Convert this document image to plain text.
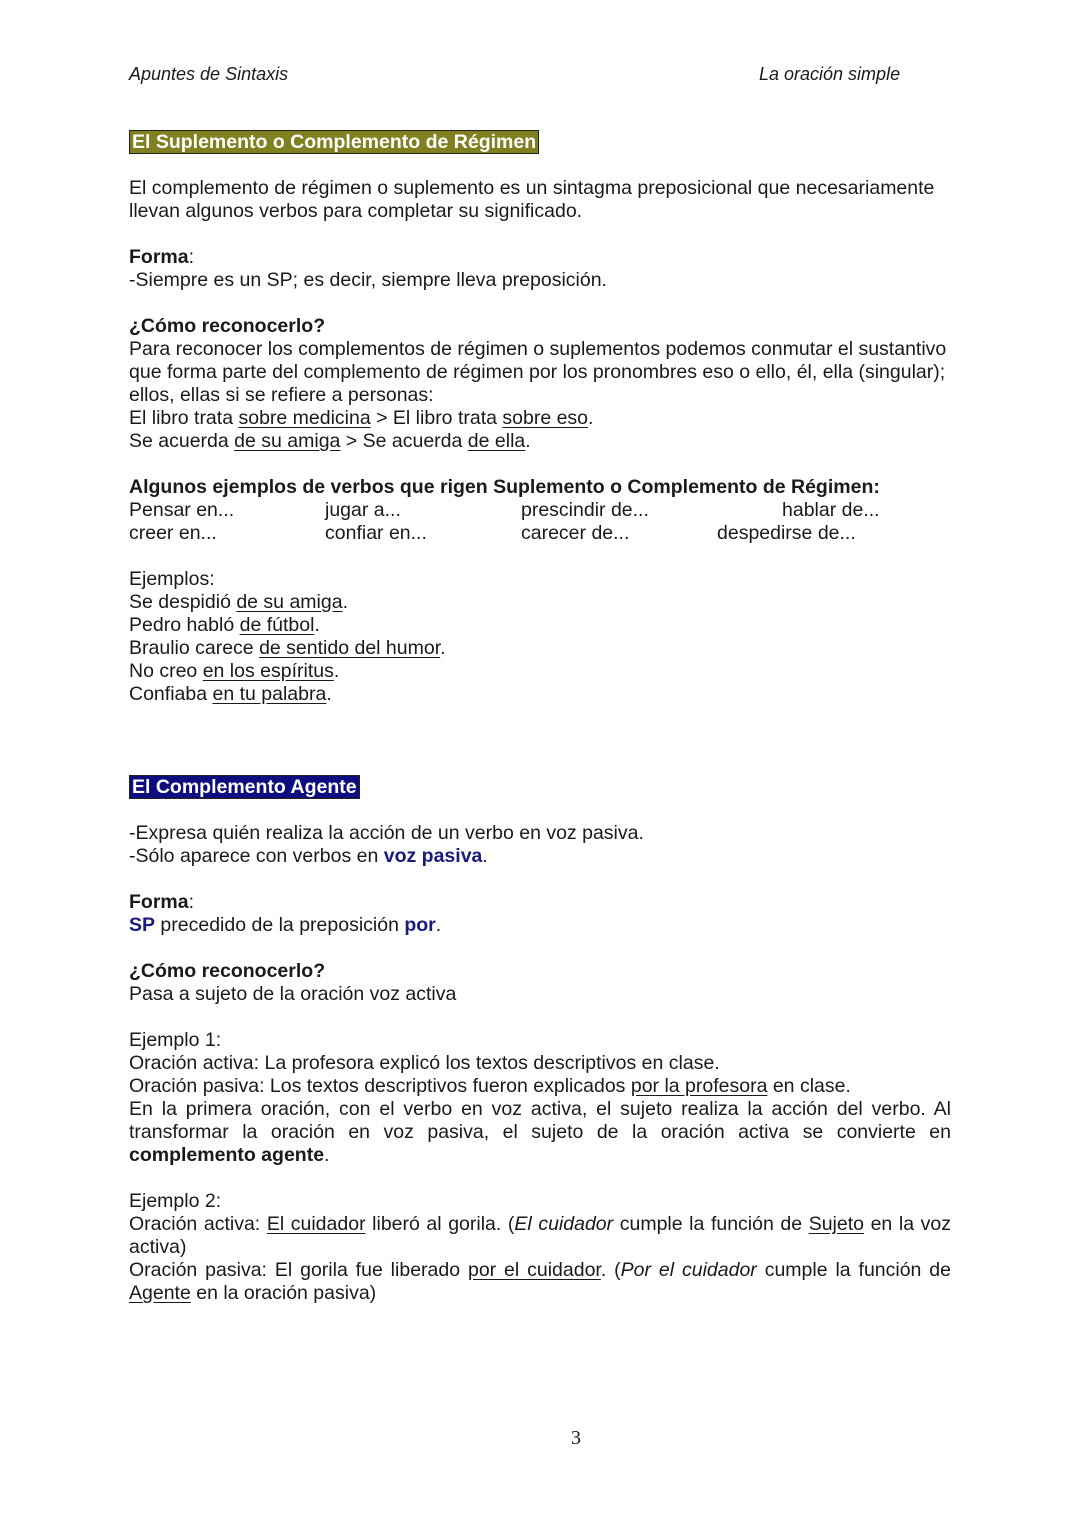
Apuntes de Sintaxis	La oración simple
El Suplemento o Complemento de Régimen

El complemento de régimen o suplemento es un sintagma preposicional que necesariamente llevan algunos verbos para completar su significado.

Forma:

-Siempre es un SP; es decir, siempre lleva preposición.

¿Cómo reconocerlo?

Para reconocer los complementos de régimen o suplementos podemos conmutar el sustantivo que forma parte del complemento de régimen por los pronombres eso o ello, él, ella (singular); ellos, ellas si se refiere a personas:

El libro trata sobre medicina > El libro trata sobre eso.

Se acuerda de su amiga > Se acuerda de ella.

Algunos ejemplos de verbos que rigen Suplemento o Complemento de Régimen:

Pensar en...	jugar a...	prescindir de...	hablar de...
creer en...	confiar en...	carecer de...	despedirse de...

Ejemplos:

Se despidió de su amiga.

Pedro habló de fútbol.

Braulio carece de sentido del humor.

No creo en los espíritus.

Confiaba en tu palabra.

El Complemento Agente

-Expresa quién realiza la acción de un verbo en voz pasiva.

-Sólo aparece con verbos en voz pasiva.

Forma:

SP precedido de la preposición por.

¿Cómo reconocerlo?

Pasa a sujeto de la oración voz activa

Ejemplo 1:

Oración activa: La profesora explicó los textos descriptivos en clase.

Oración pasiva: Los textos descriptivos fueron explicados por la profesora en clase.

En la primera oración, con el verbo en voz activa, el sujeto realiza la acción del verbo. Al transformar la oración en voz pasiva, el sujeto de la oración activa se convierte en complemento agente.

Ejemplo 2:

Oración activa: El cuidador liberó al gorila. (El cuidador cumple la función de Sujeto en la voz activa)

Oración pasiva: El gorila fue liberado por el cuidador. (Por el cuidador cumple la función de Agente en la oración pasiva)

3
